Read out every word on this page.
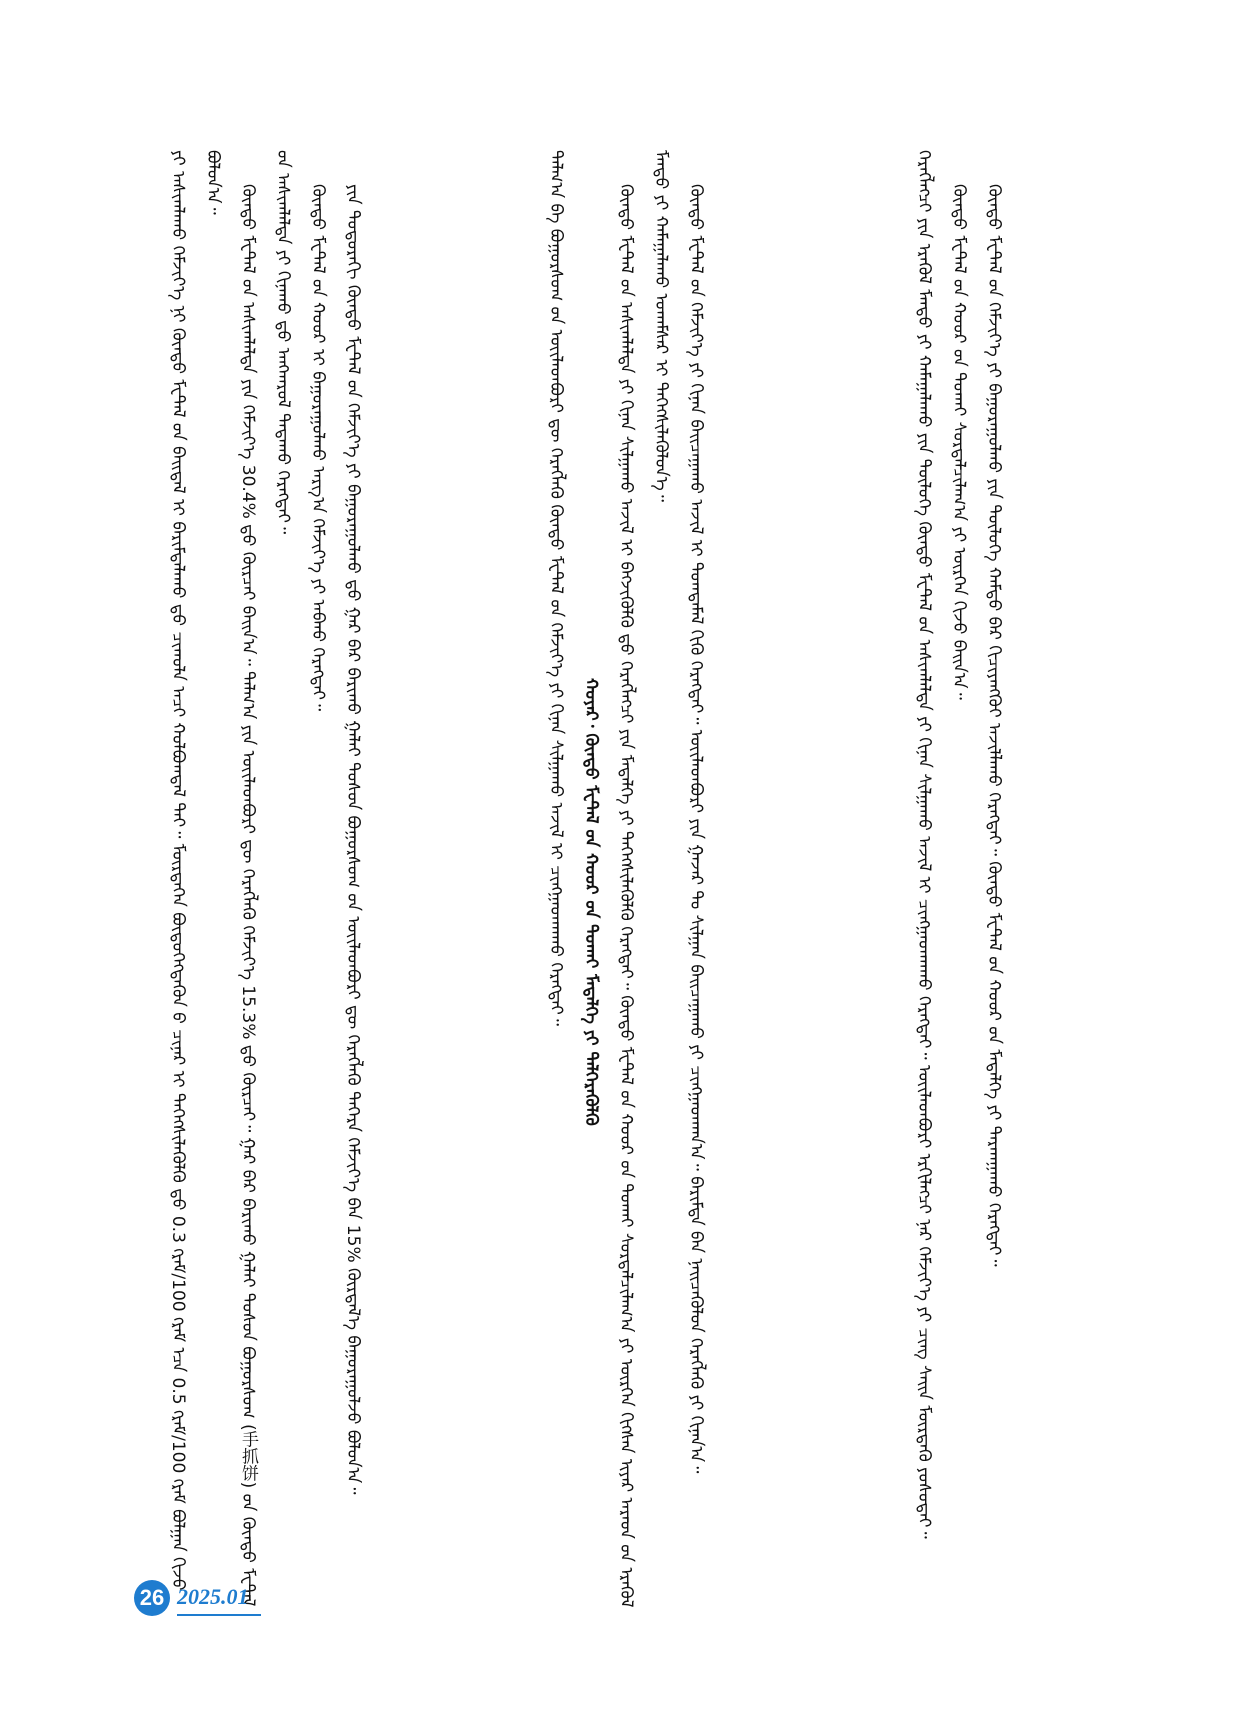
ᠶᠢ ᠠᠰᠢᠭᠯᠠᠬᠤ ᠬᠡᠮᠵᠢᠶ᠎ᠡ ᠨᠢ ᠬᠦᠨᠳᠦ ᠮᠧᠲ᠋ᠠᠯ ᠤ᠋ᠨ ᠪᠠᠢᠳᠠᠯ ᠢ ᠪᠠᠷᠢᠮᠲᠠᠯᠠᠬᠤ ᠳ᠋ᠤ᠌ ᠴᠢᠬᠤᠯᠠ ᠠᠴᠢ ᠬᠣᠯᠪᠣᠭᠳᠠᠯ ᠲᠠᠢ᠃ ᠮᠥᠷᠲᠡᠭᠡᠨ ᠪᠦᠲᠦᠭᠡᠭᠳᠡᠬᠦᠨ ᠦ᠌ ᠴᠢᠨᠠᠷ ᠢ ᠳᠡᠭᠡᠭᠰᠢᠯᠡᠭᠦᠯᠬᠦ ᠳ᠋ᠤ᠌ 0.3 ᠭᠷᠠᠮ/100 ᠭᠷᠠᠮ ᠡᠴᠡ 0.5 ᠭᠷᠠᠮ/100 ᠭᠷᠠᠮ ᠪᠣᠯᠭᠠᠨ ᠬᠢᠵᠦ ᠪᠣᠯᠤᠨ᠎ᠠ᠃

ᠬᠦᠨᠳᠦ ᠮᠧᠲ᠋ᠠᠯ ᠤ᠋ᠨ ᠠᠰᠢᠭᠯᠠᠯᠲᠠ ᠶᠢᠨ ᠬᠡᠮᠵᠢᠶ᠎ᠡ 30.4% ᠳ᠋ᠤ᠌ ᠬᠦᠷᠴᠡᠢ ᠪᠠᠢᠨ᠎ᠠ᠃ ᠲᠠᠯᠬ᠎ᠠ ᠶᠢᠨ ᠦᠢᠯᠡᠳᠪᠦᠷᠢ ᠳᠦ ᠬᠡᠷᠡᠭᠯᠡᠬᠦ ᠬᠡᠮᠵᠢᠶ᠎ᠡ 15.3% ᠳ᠋ᠤ᠌ ᠬᠦᠷᠴᠡᠢ᠃ ᠭᠠᠷ ᠪᠠᠷ ᠪᠠᠷᠢᠬᠤ ᠭᠠᠯᠠᠢ ᠲᠣᠰᠣᠨ ᠪᠣᠭᠣᠷᠰᠤᠭ (手抓饼) ᠤ᠋ᠨ ᠬᠦᠨᠳᠦ ᠮᠧᠲ᠋ᠠᠯ ᠤ᠋ᠨ ᠠᠰᠢᠭᠯᠠᠯᠲᠠ ᠶᠢ ᠬᠢᠨᠠᠬᠤ ᠳ᠋ᠤ᠌ ᠠᠩᠬᠠᠷᠤᠯ ᠲᠠᠲᠠᠬᠤ ᠬᠡᠷᠡᠭᠲᠡᠢ᠃ ᠬᠦᠨᠳᠦ ᠮᠧᠲ᠋ᠠᠯ ᠤ᠋ᠨ ᠬᠣᠣᠷ ᠢ ᠪᠠᠭᠤᠷᠠᠭᠤᠯᠬᠤ ᠠᠷᠭ᠎ᠠ ᠬᠡᠮᠵᠢᠶ᠎ᠡ ᠶᠢ ᠠᠪᠬᠤ ᠬᠡᠷᠡᠭᠲᠡᠢ᠃ ᠶᠢᠨ ᠳᠣᠲᠣᠷᠠᠬᠢ ᠬᠦᠨᠳᠦ ᠮᠧᠲ᠋ᠠᠯ ᠤ᠋ᠨ ᠬᠡᠮᠵᠢᠶ᠎ᠡ ᠶᠢ ᠪᠠᠭᠤᠷᠠᠭᠤᠯᠬᠤ ᠳ᠋ᠤ᠌ ᠭᠠᠷ ᠪᠠᠷ ᠪᠠᠷᠢᠬᠤ ᠭᠠᠯᠠᠢ ᠲᠣᠰᠣᠨ ᠪᠣᠭᠣᠷᠰᠤᠭ ᠤ᠋ᠨ ᠦᠢᠯᠡᠳᠪᠦᠷᠢ ᠳᠦ ᠬᠡᠷᠡᠭᠯᠡᠬᠦ ᠳᠡᠭᠡᠷᠡ ᠬᠡᠮᠵᠢᠶ᠎ᠡ ᠪᠡᠨ 15% ᠬᠦᠷᠲᠡᠯ᠎ᠡ ᠪᠠᠭᠤᠷᠠᠭᠤᠯᠵᠤ ᠪᠣᠯᠤᠨ᠎ᠠ᠃	ᠲᠠᠯᠬ᠎ᠠ ᠪᠠ ᠪᠣᠭᠣᠷᠰᠤᠭ ᠤ᠋ᠨ ᠦᠢᠯᠡᠳᠪᠦᠷᠢ ᠳᠦ ᠬᠡᠷᠡᠭᠯᠡᠬᠦ ᠬᠦᠨᠳᠦ ᠮᠧᠲ᠋ᠠᠯ ᠤ᠋ᠨ ᠬᠡᠮᠵᠢᠶ᠎ᠡ ᠶᠢ ᠬᠢᠨᠠᠨ ᠰᠢᠯᠭᠠᠬᠤ ᠠᠵᠢᠯ ᠢ ᠴᠢᠩᠭᠠᠳᠬᠠᠬᠤ ᠬᠡᠷᠡᠭᠲᠡᠢ᠃ ᠬᠣᠶᠠᠷ᠂ ᠬᠦᠨᠳᠦ ᠮᠧᠲ᠋ᠠᠯ ᠤ᠋ᠨ ᠬᠣᠣᠷ ᠤ᠋ᠨ ᠲᠤᠬᠠᠢ ᠮᠡᠳᠡᠯᠭᠡ ᠶᠢ ᠳᠡᠯᠭᠡᠷᠡᠭᠦᠯᠬᠦ ᠬᠦᠨᠳᠦ ᠮᠧᠲ᠋ᠠᠯ ᠤ᠋ᠨ ᠠᠰᠢᠭᠯᠠᠯᠲᠠ ᠶᠢ ᠬᠢᠨᠠᠨ ᠰᠢᠯᠭᠠᠬᠤ ᠠᠵᠢᠯ ᠢ ᠪᠡᠬᠵᠢᠭᠦᠯᠬᠦ ᠳ᠋ᠤ᠌ ᠬᠡᠷᠡᠭᠯᠡᠭᠴᠢ ᠶᠢᠨ ᠮᠡᠳᠡᠯᠭᠡ ᠶᠢ ᠳᠡᠭᠡᠭᠰᠢᠯᠡᠭᠦᠯᠬᠦ ᠬᠡᠷᠡᠭᠲᠡᠢ᠃ ᠬᠦᠨᠳᠦ ᠮᠧᠲ᠋ᠠᠯ ᠤ᠋ᠨ ᠬᠣᠣᠷ ᠤ᠋ᠨ ᠲᠤᠬᠠᠢ ᠰᠤᠷᠲᠠᠯᠴᠢᠯᠠᠭ᠎ᠠ ᠶᠢ ᠥᠷᠭᠡᠨ ᠬᠢᠭᠰᠡᠨ ᠢᠶᠡᠷ ᠠᠷᠠᠳ ᠤ᠋ᠨ ᠡᠷᠡᠭᠦᠯ ᠮᠡᠨᠳᠦ ᠶᠢ ᠬᠠᠮᠠᠭᠠᠯᠠᠬᠤ ᠤᠬᠠᠮᠰᠠᠷ ᠢ ᠳᠡᠭᠡᠭᠰᠢᠯᠡᠭᠦᠯᠦᠨ᠎ᠡ᠃ ᠬᠦᠨᠳᠦ ᠮᠧᠲ᠋ᠠᠯ ᠤ᠋ᠨ ᠬᠡᠮᠵᠢᠶ᠎ᠡ ᠶᠢ ᠬᠢᠨᠠᠨ ᠪᠠᠢᠴᠠᠭᠠᠬᠤ ᠠᠵᠢᠯ ᠢ ᠲᠣᠭᠲᠠᠮᠠᠯ ᠬᠢᠬᠦ ᠬᠡᠷᠡᠭᠲᠡᠢ᠃ ᠦᠢᠯᠡᠳᠪᠦᠷᠢ ᠶᠢᠨ ᠭᠠᠵᠠᠷ ᠲᠤ ᠰᠢᠯᠭᠠᠨ ᠪᠠᠢᠴᠠᠭᠠᠬᠤ ᠶᠢ ᠴᠢᠩᠭᠠᠳᠬᠠᠨ᠎ᠠ᠃ ᠪᠠᠷᠢᠮᠲᠠ ᠪᠠᠨ ᠨᠡᠢᠴᠡᠭᠦᠯᠦᠨ ᠬᠡᠷᠡᠭᠯᠡᠬᠦ ᠶᠢ ᠬᠢᠨᠠᠨ᠎ᠠ᠃	ᠬᠡᠷᠡᠭᠯᠡᠭᠴᠢ ᠶᠢᠨ ᠡᠷᠡᠭᠦᠯ ᠮᠡᠨᠳᠦ ᠶᠢ ᠬᠠᠮᠠᠭᠠᠯᠠᠬᠤ ᠶᠢᠨ ᠲᠥᠯᠦᠭᠡ ᠬᠦᠨᠳᠦ ᠮᠧᠲ᠋ᠠᠯ ᠤ᠋ᠨ ᠠᠰᠢᠭᠯᠠᠯᠲᠠ ᠶᠢ ᠬᠢᠨᠠᠨ ᠰᠢᠯᠭᠠᠬᠤ ᠠᠵᠢᠯ ᠢ ᠴᠢᠩᠭᠠᠳᠬᠠᠬᠤ ᠬᠡᠷᠡᠭᠲᠡᠢ᠃ ᠦᠢᠯᠡᠳᠪᠦᠷᠢ ᠡᠷᠬᠢᠯᠡᠭᠴᠢ ᠨᠠᠷ ᠬᠡᠮᠵᠢᠶ᠎ᠡ ᠶᠢ ᠴᠢᠩ ᠰᠠᠢᠨ ᠮᠥᠷᠳᠡᠬᠦ ᠶᠣᠰᠤᠲᠠᠢ᠃ ᠬᠦᠨᠳᠦ ᠮᠧᠲ᠋ᠠᠯ ᠤ᠋ᠨ ᠬᠣᠣᠷ ᠤ᠋ᠨ ᠲᠤᠬᠠᠢ ᠰᠤᠷᠲᠠᠯᠴᠢᠯᠠᠭ᠎ᠠ ᠶᠢ ᠥᠷᠭᠡᠨ ᠬᠢᠵᠦ ᠪᠠᠢᠨ᠎ᠠ᠃ ᠬᠦᠨᠳᠦ ᠮᠧᠲ᠋ᠠᠯ ᠤ᠋ᠨ ᠬᠡᠮᠵᠢᠶ᠎ᠡ ᠶᠢ ᠪᠠᠭᠤᠷᠠᠭᠤᠯᠬᠤ ᠶᠢᠨ ᠲᠥᠯᠦᠭᠡ ᠬᠠᠮᠲᠤ ᠪᠡᠷ ᠬᠢᠴᠢᠶᠡᠩᠭᠦᠢ ᠠᠵᠢᠯᠯᠠᠬᠤ ᠬᠡᠷᠡᠭᠲᠡᠢ᠃ ᠬᠦᠨᠳᠦ ᠮᠧᠲ᠋ᠠᠯ ᠤ᠋ᠨ ᠬᠣᠣᠷ ᠤ᠋ᠨ ᠮᠡᠳᠡᠯᠭᠡ ᠶᠢ ᠲᠠᠷᠬᠠᠭᠠᠬᠤ ᠬᠡᠷᠡᠭᠲᠡᠢ᠃

26 2025.01
